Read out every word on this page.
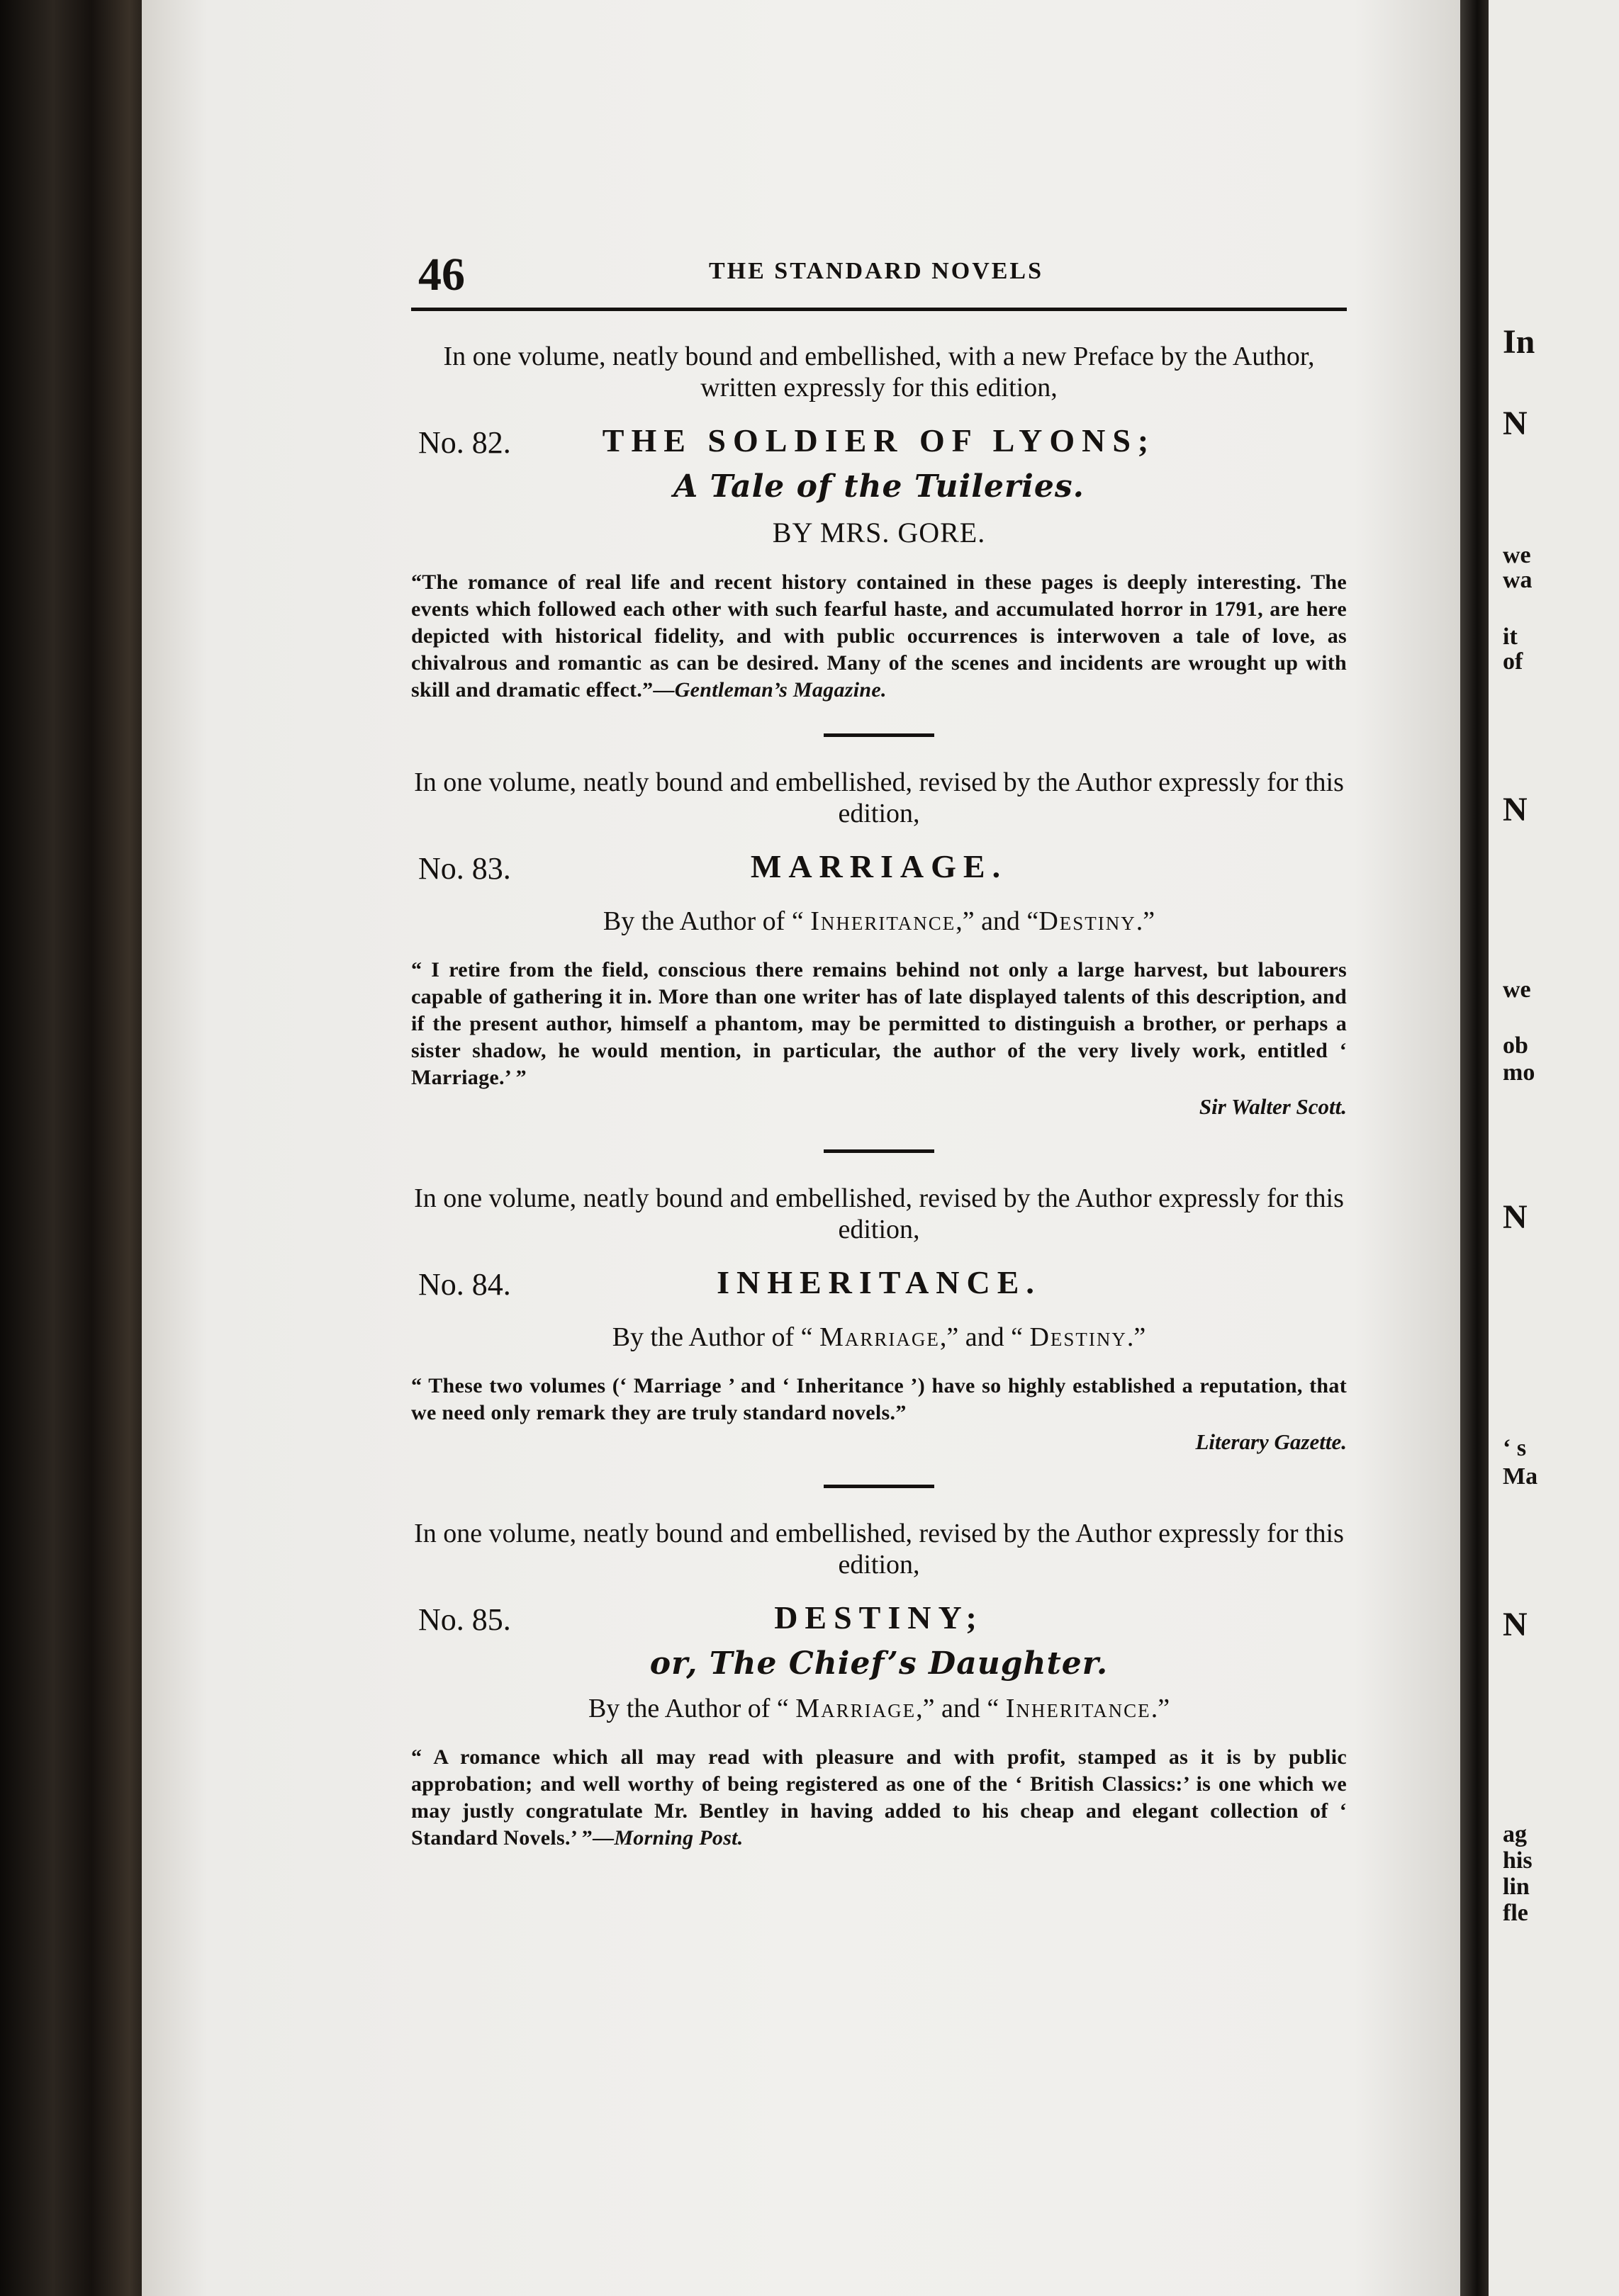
In
N
we
wa
it
of
N
we
ob
mo
N
‘ s
Ma
N
ag
his
lin
fle
46	THE STANDARD NOVELS

In one volume, neatly bound and embellished, with a new Preface by the Author, written expressly for this edition,

No. 82.	THE SOLDIER OF LYONS;
A Tale of the Tuileries.
BY MRS. GORE.
“The romance of real life and recent history contained in these pages is deeply interesting. The events which followed each other with such fearful haste, and accumulated horror in 1791, are here depicted with historical fidelity, and with public occurrences is interwoven a tale of love, as chivalrous and romantic as can be desired. Many of the scenes and incidents are wrought up with skill and dramatic effect.”—Gentleman’s Magazine.

In one volume, neatly bound and embellished, revised by the Author expressly for this edition,

No. 83.	MARRIAGE.
By the Author of “ Inheritance,” and “Destiny.”
“ I retire from the field, conscious there remains behind not only a large harvest, but labourers capable of gathering it in. More than one writer has of late displayed talents of this description, and if the present author, himself a phantom, may be permitted to distinguish a brother, or perhaps a sister shadow, he would mention, in particular, the author of the very lively work, entitled ‘ Marriage.’ ”
Sir Walter Scott.

In one volume, neatly bound and embellished, revised by the Author expressly for this edition,

No. 84.	INHERITANCE.
By the Author of “ Marriage,” and “ Destiny.”
“ These two volumes (‘ Marriage ’ and ‘ Inheritance ’) have so highly established a reputation, that we need only remark they are truly standard novels.”
Literary Gazette.

In one volume, neatly bound and embellished, revised by the Author expressly for this edition,

No. 85.	DESTINY;
or, The Chief’s Daughter.
By the Author of “ Marriage,” and “ Inheritance.”
“ A romance which all may read with pleasure and with profit, stamped as it is by public approbation; and well worthy of being registered as one of the ‘ British Classics:’ is one which we may justly congratulate Mr. Bentley in having added to his cheap and elegant collection of ‘ Standard Novels.’ ”—Morning Post.
